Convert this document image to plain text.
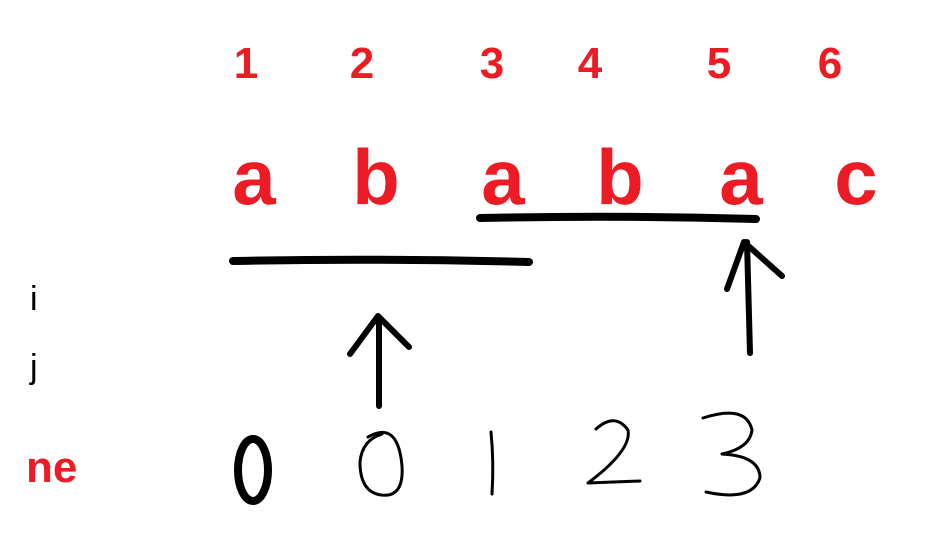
1 2 3 4 5 6
a b a b a c
i
j
ne
